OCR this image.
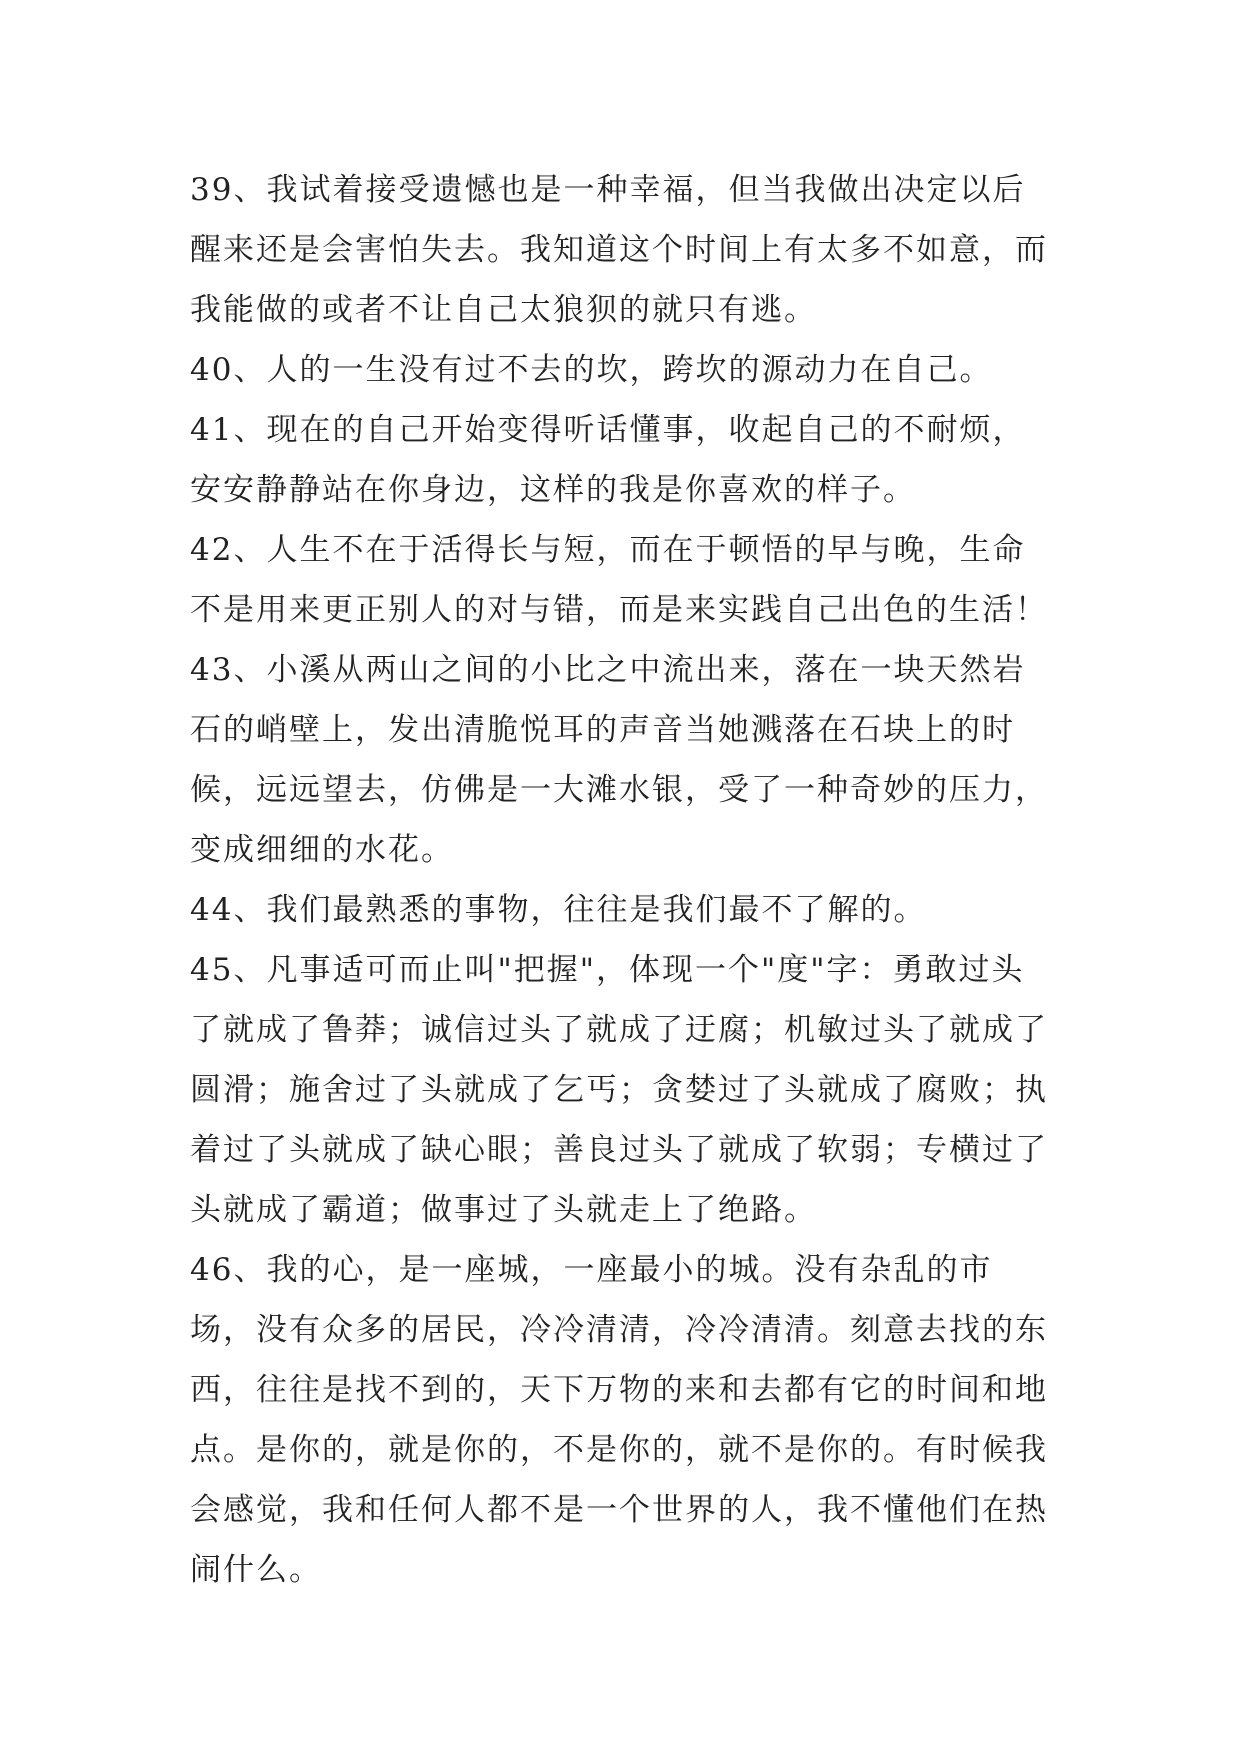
39、我试着接受遗憾也是一种幸福，但当我做出决定以后醒来还是会害怕失去。我知道这个时间上有太多不如意，而我能做的或者不让自己太狼狈的就只有逃。

40、人的一生没有过不去的坎，跨坎的源动力在自己。

41、现在的自己开始变得听话懂事，收起自己的不耐烦，安安静静站在你身边，这样的我是你喜欢的样子。

42、人生不在于活得长与短，而在于顿悟的早与晚，生命不是用来更正别人的对与错，而是来实践自己出色的生活！

43、小溪从两山之间的小比之中流出来，落在一块天然岩石的峭壁上，发出清脆悦耳的声音当她溅落在石块上的时候，远远望去，仿佛是一大滩水银，受了一种奇妙的压力，变成细细的水花。

44、我们最熟悉的事物，往往是我们最不了解的。

45、凡事适可而止叫"把握"，体现一个"度"字：勇敢过头了就成了鲁莽；诚信过头了就成了迂腐；机敏过头了就成了圆滑；施舍过了头就成了乞丐；贪婪过了头就成了腐败；执着过了头就成了缺心眼；善良过头了就成了软弱；专横过了头就成了霸道；做事过了头就走上了绝路。

46、我的心，是一座城，一座最小的城。没有杂乱的市场，没有众多的居民，冷冷清清，冷冷清清。刻意去找的东西，往往是找不到的，天下万物的来和去都有它的时间和地点。是你的，就是你的，不是你的，就不是你的。有时候我会感觉，我和任何人都不是一个世界的人，我不懂他们在热闹什么。
